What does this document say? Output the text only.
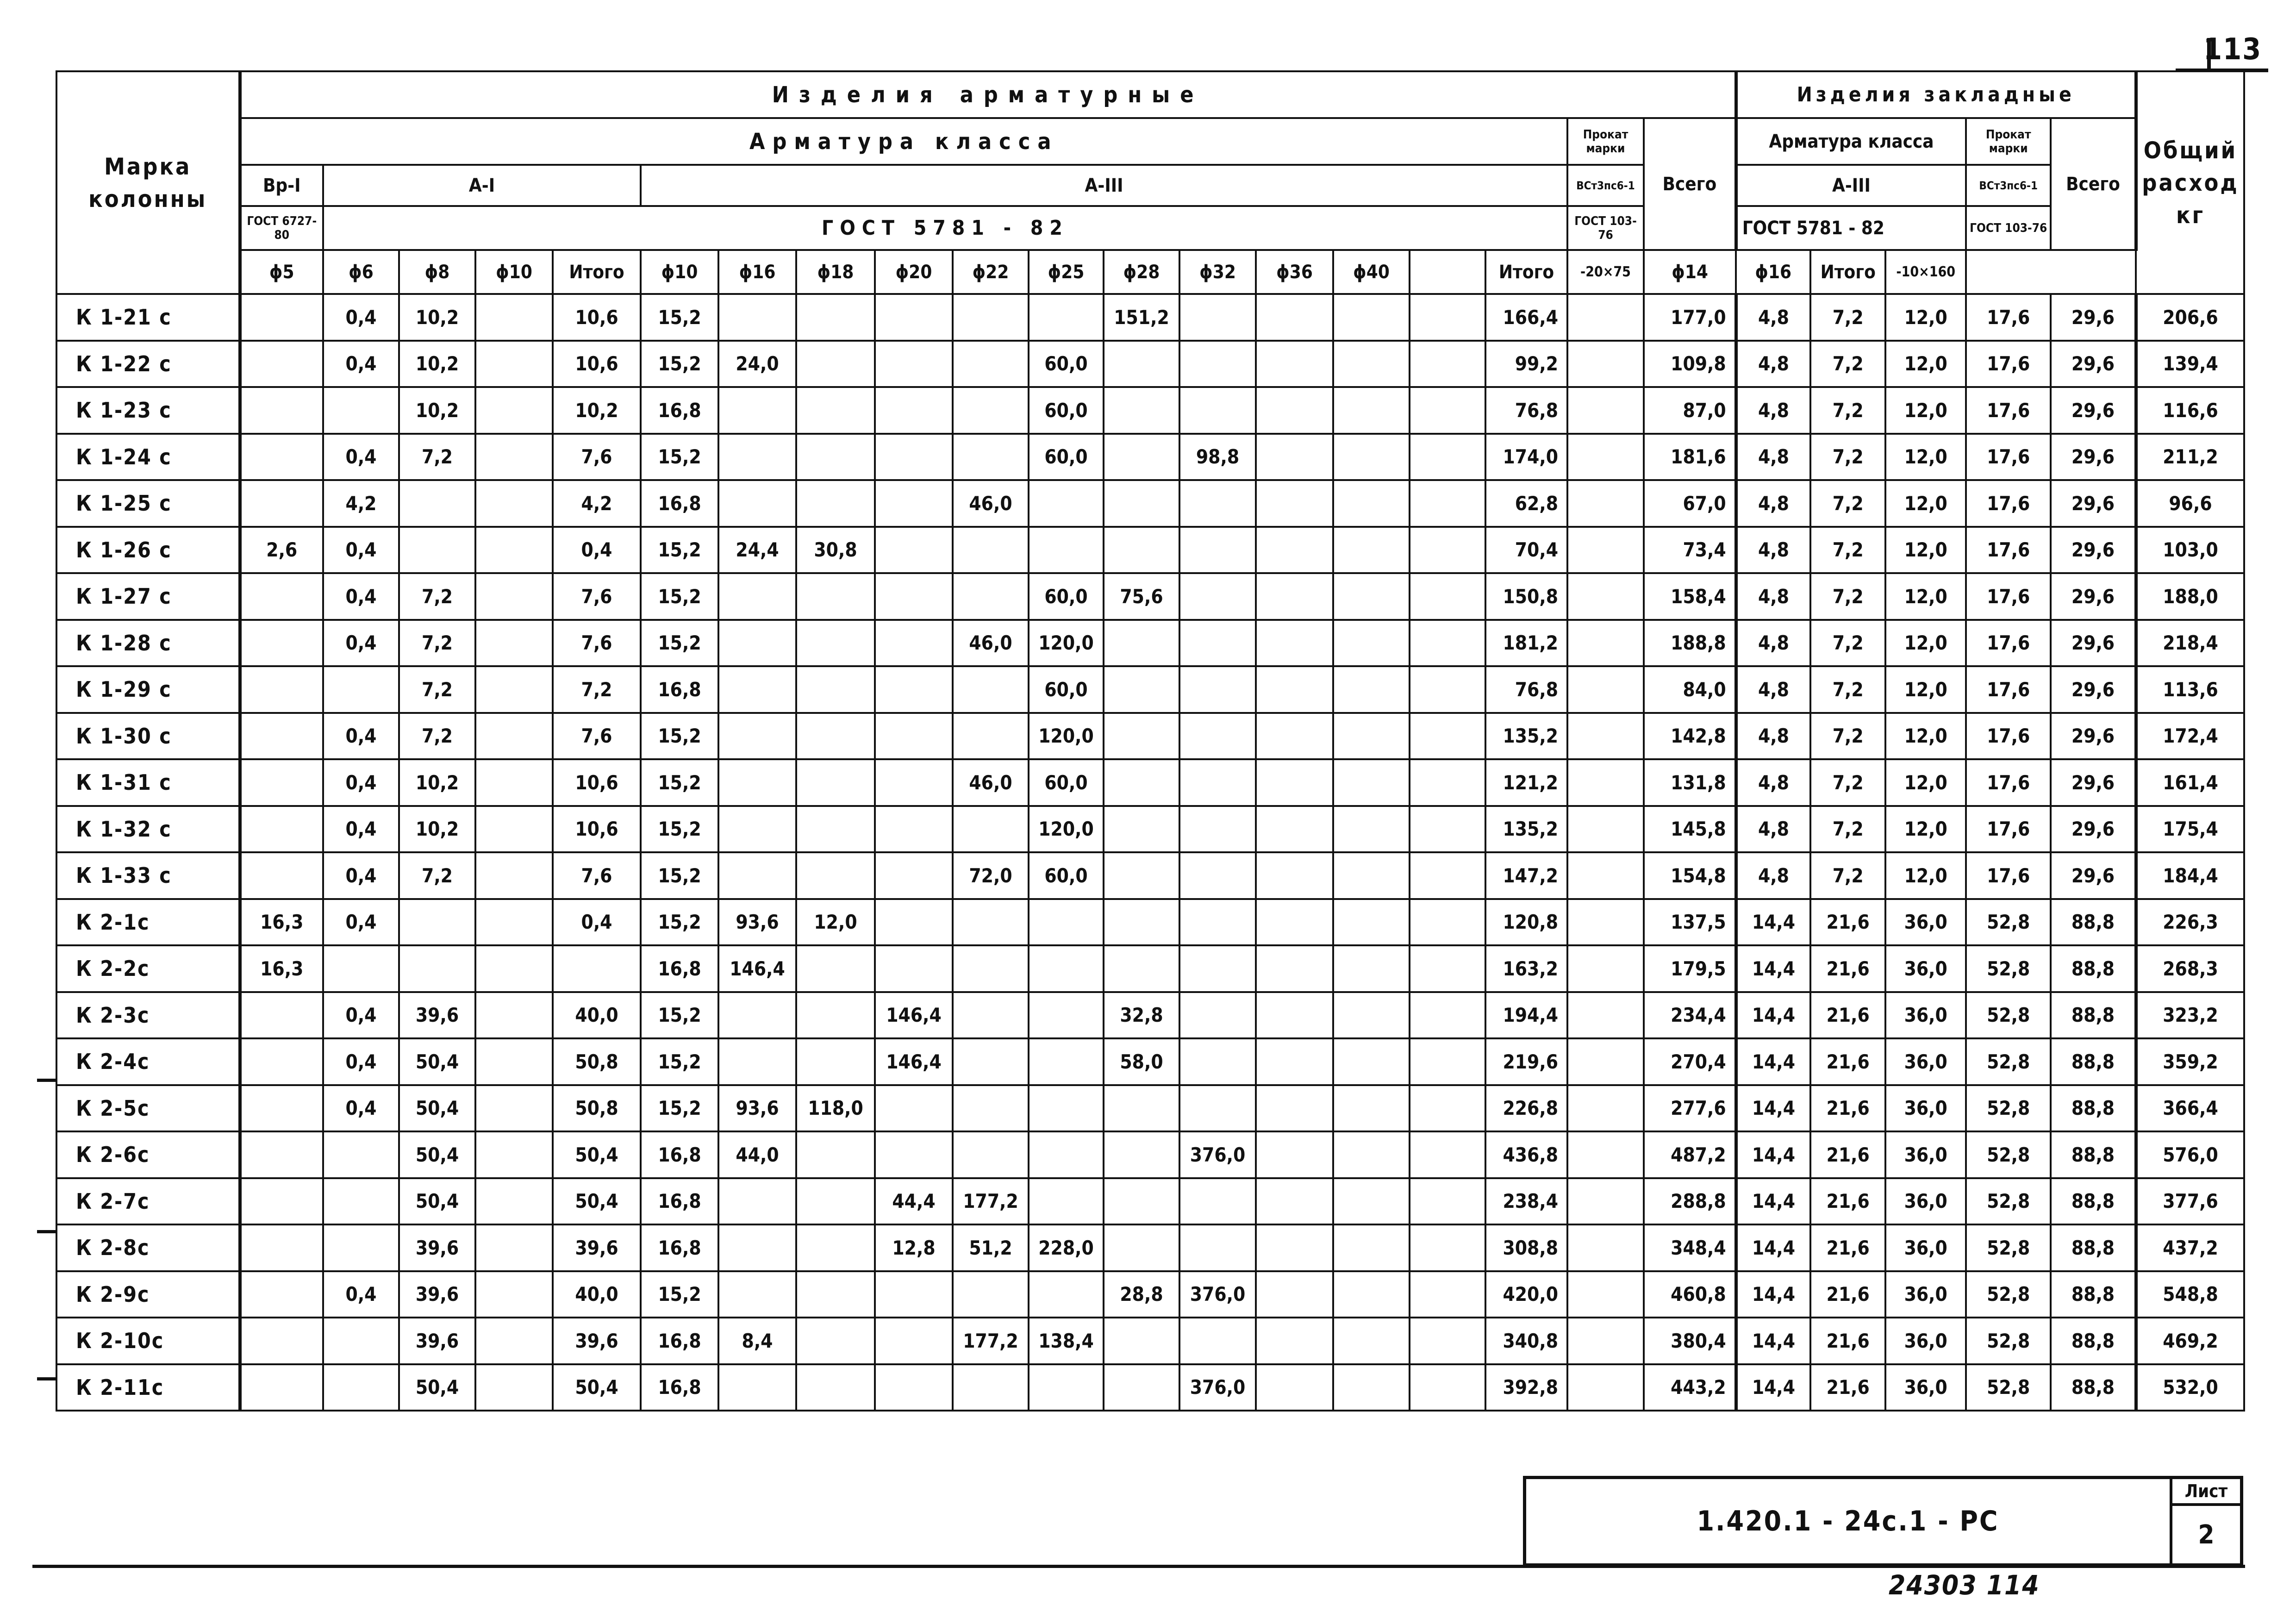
113
Марка
колонны	Изделия арматурные																			Изделия закладные					Общий
расход
кг
	Арматура класса																	Прокат марки	Всего	Арматура класса			Прокат марки	Всего	
	Вр-I	А-I				А-III												ВСт3пс6-1		А-III			ВСт3пс6-1		
	ГОСТ 6727-80	ГОСТ 5781 - 82																ГОСТ 103-76		ГОСТ 5781 - 82			ГОСТ 103-76		
	ϕ5	ϕ6	ϕ8	ϕ10	Итого	ϕ10	ϕ16	ϕ18	ϕ20	ϕ22	ϕ25	ϕ28	ϕ32	ϕ36	ϕ40		Итого	-20×75	ϕ14	ϕ16	Итого	-10×160			
К 1-21 с		0,4	10,2		10,6	15,2						151,2					166,4		177,0	4,8	7,2	12,0	17,6	29,6	206,6
К 1-22 с		0,4	10,2		10,6	15,2	24,0				60,0						99,2		109,8	4,8	7,2	12,0	17,6	29,6	139,4
К 1-23 с			10,2		10,2	16,8					60,0						76,8		87,0	4,8	7,2	12,0	17,6	29,6	116,6
К 1-24 с		0,4	7,2		7,6	15,2					60,0		98,8				174,0		181,6	4,8	7,2	12,0	17,6	29,6	211,2
К 1-25 с		4,2			4,2	16,8				46,0							62,8		67,0	4,8	7,2	12,0	17,6	29,6	96,6
К 1-26 с	2,6	0,4			0,4	15,2	24,4	30,8									70,4		73,4	4,8	7,2	12,0	17,6	29,6	103,0
К 1-27 с		0,4	7,2		7,6	15,2					60,0	75,6					150,8		158,4	4,8	7,2	12,0	17,6	29,6	188,0
К 1-28 с		0,4	7,2		7,6	15,2				46,0	120,0						181,2		188,8	4,8	7,2	12,0	17,6	29,6	218,4
К 1-29 с			7,2		7,2	16,8					60,0						76,8		84,0	4,8	7,2	12,0	17,6	29,6	113,6
К 1-30 с		0,4	7,2		7,6	15,2					120,0						135,2		142,8	4,8	7,2	12,0	17,6	29,6	172,4
К 1-31 с		0,4	10,2		10,6	15,2				46,0	60,0						121,2		131,8	4,8	7,2	12,0	17,6	29,6	161,4
К 1-32 с		0,4	10,2		10,6	15,2					120,0						135,2		145,8	4,8	7,2	12,0	17,6	29,6	175,4
К 1-33 с		0,4	7,2		7,6	15,2				72,0	60,0						147,2		154,8	4,8	7,2	12,0	17,6	29,6	184,4
К 2-1с	16,3	0,4			0,4	15,2	93,6	12,0									120,8		137,5	14,4	21,6	36,0	52,8	88,8	226,3
К 2-2с	16,3					16,8	146,4										163,2		179,5	14,4	21,6	36,0	52,8	88,8	268,3
К 2-3с		0,4	39,6		40,0	15,2			146,4			32,8					194,4		234,4	14,4	21,6	36,0	52,8	88,8	323,2
К 2-4с		0,4	50,4		50,8	15,2			146,4			58,0					219,6		270,4	14,4	21,6	36,0	52,8	88,8	359,2
К 2-5с		0,4	50,4		50,8	15,2	93,6	118,0									226,8		277,6	14,4	21,6	36,0	52,8	88,8	366,4
К 2-6с			50,4		50,4	16,8	44,0						376,0				436,8		487,2	14,4	21,6	36,0	52,8	88,8	576,0
К 2-7с			50,4		50,4	16,8			44,4	177,2							238,4		288,8	14,4	21,6	36,0	52,8	88,8	377,6
К 2-8с			39,6		39,6	16,8			12,8	51,2	228,0						308,8		348,4	14,4	21,6	36,0	52,8	88,8	437,2
К 2-9с		0,4	39,6		40,0	15,2						28,8	376,0				420,0		460,8	14,4	21,6	36,0	52,8	88,8	548,8
К 2-10с			39,6		39,6	16,8	8,4			177,2	138,4						340,8		380,4	14,4	21,6	36,0	52,8	88,8	469,2
К 2-11с			50,4		50,4	16,8							376,0				392,8		443,2	14,4	21,6	36,0	52,8	88,8	532,0
1.420.1 - 24с.1 - РС
Лист
2
24303 114
